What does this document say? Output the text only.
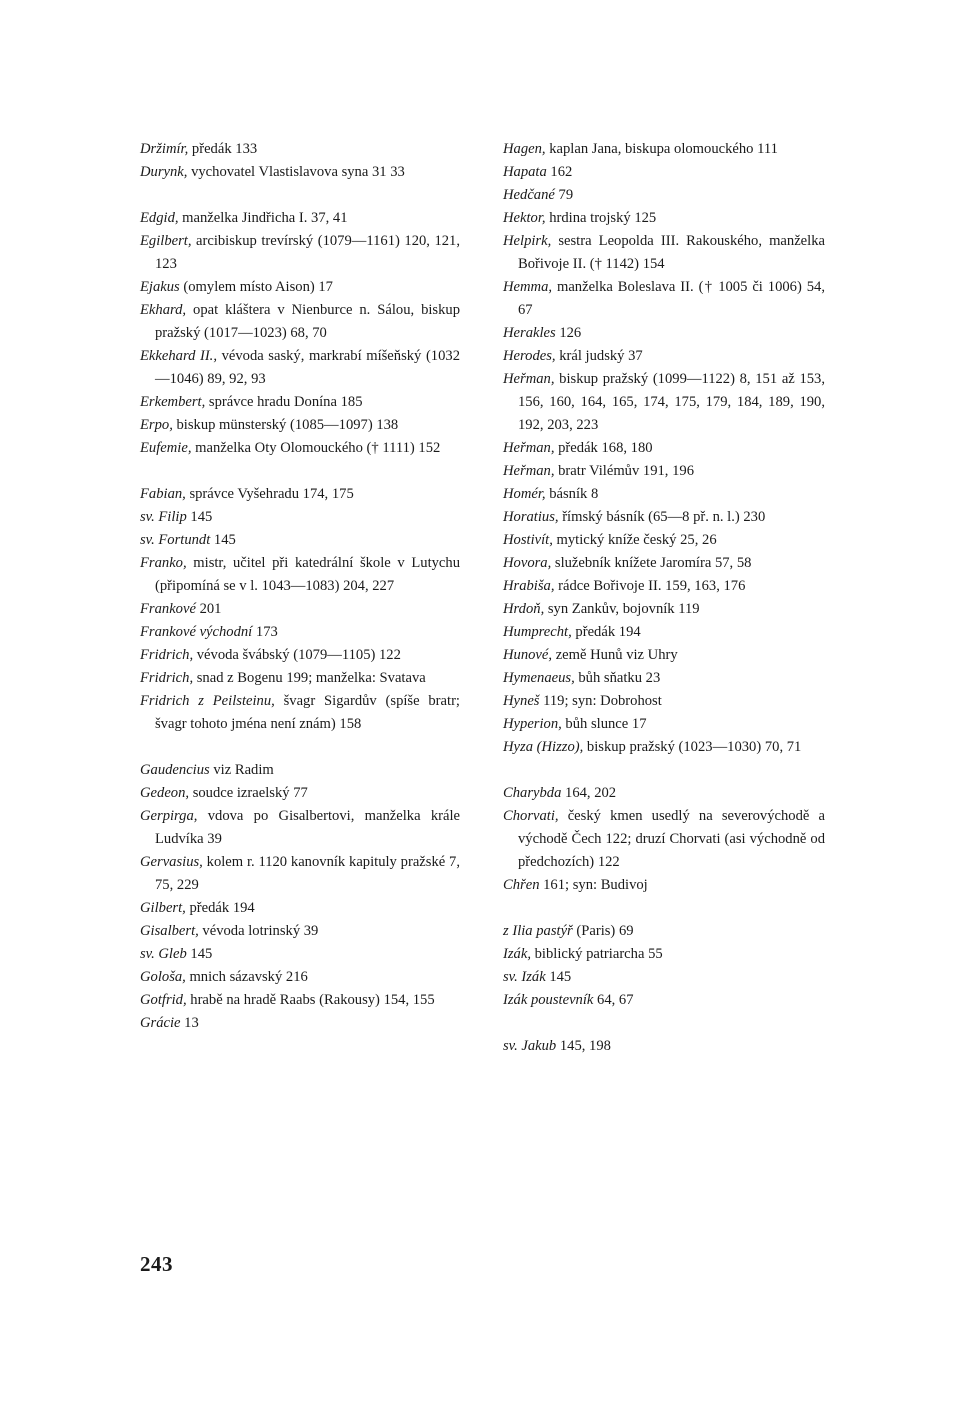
Držimír, předák 133
Durynk, vychovatel Vlastislavova syna 31 33
Edgid, manželka Jindřicha I. 37, 41
Egilbert, arcibiskup trevírský (1079—1161) 120, 121, 123
Ejakus (omylem místo Aison) 17
Ekhard, opat kláštera v Nienburce n. Sálou, biskup pražský (1017—1023) 68, 70
Ekkehard II., vévoda saský, markrabí míšeňský (1032—1046) 89, 92, 93
Erkembert, správce hradu Donína 185
Erpo, biskup münsterský (1085—1097) 138
Eufemie, manželka Oty Olomouckého († 1111) 152
Fabian, správce Vyšehradu 174, 175
sv. Filip 145
sv. Fortundt 145
Franko, mistr, učitel při katedrální škole v Lutychu (připomíná se v l. 1043—1083) 204, 227
Frankové 201
Frankové východní 173
Fridrich, vévoda švábský (1079—1105) 122
Fridrich, snad z Bogenu 199; manželka: Svatava
Fridrich z Peilsteinu, švagr Sigardův (spíše bratr; švagr tohoto jména není znám) 158
Gaudencius viz Radim
Gedeon, soudce izraelský 77
Gerpirga, vdova po Gisalbertovi, manželka krále Ludvíka 39
Gervasius, kolem r. 1120 kanovník kapituly pražské 7, 75, 229
Gilbert, předák 194
Gisalbert, vévoda lotrinský 39
sv. Gleb 145
Gološa, mnich sázavský 216
Gotfrid, hrabě na hradě Raabs (Rakousy) 154, 155
Grácie 13
Hagen, kaplan Jana, biskupa olomouckého 111
Hapata 162
Hedčané 79
Hektor, hrdina trojský 125
Helpirk, sestra Leopolda III. Rakouského, manželka Bořivoje II. († 1142) 154
Hemma, manželka Boleslava II. († 1005 či 1006) 54, 67
Herakles 126
Herodes, král judský 37
Heřman, biskup pražský (1099—1122) 8, 151 až 153, 156, 160, 164, 165, 174, 175, 179, 184, 189, 190, 192, 203, 223
Heřman, předák 168, 180
Heřman, bratr Vilémův 191, 196
Homér, básník 8
Horatius, římský básník (65—8 př. n. l.) 230
Hostivít, mytický kníže český 25, 26
Hovora, služebník knížete Jaromíra 57, 58
Hrabiša, rádce Bořivoje II. 159, 163, 176
Hrdoň, syn Zankův, bojovník 119
Humprecht, předák 194
Hunové, země Hunů viz Uhry
Hymenaeus, bůh sňatku 23
Hyneš 119; syn: Dobrohost
Hyperion, bůh slunce 17
Hyza (Hizzo), biskup pražský (1023—1030) 70, 71
Charybda 164, 202
Chorvati, český kmen usedlý na severovýchodě a východě Čech 122; druzí Chorvati (asi východně od předchozích) 122
Chřen 161; syn: Budivoj
z Ilia pastýř (Paris) 69
Izák, biblický patriarcha 55
sv. Izák 145
Izák poustevník 64, 67
sv. Jakub 145, 198
243
